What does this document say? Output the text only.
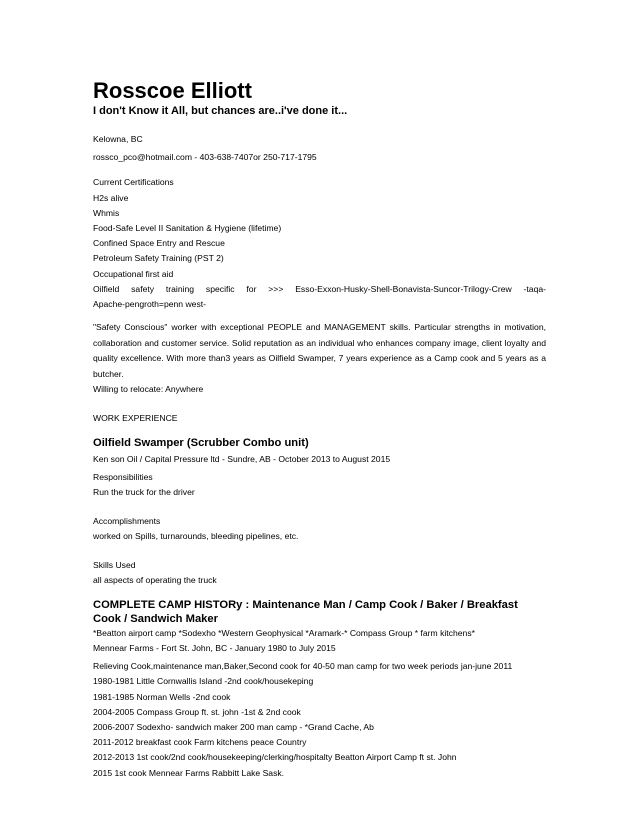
Rosscoe Elliott

I don't Know it All, but chances are..i've done it...

Kelowna, BC

rossco_pco@hotmail.com - 403-638-7407or 250-717-1795

Current Certifications

H2s alive

Whmis

Food-Safe Level II Sanitation & Hygiene (lifetime)

Confined Space Entry and Rescue

Petroleum Safety Training (PST 2)

Occupational first aid

Oilfield safety training specific for >>> Esso-Exxon-Husky-Shell-Bonavista-Suncor-Trilogy-Crew -taqa-

Apache-pengroth=penn west-

"Safety Conscious" worker with exceptional PEOPLE and MANAGEMENT skills. Particular strengths in motivation, collaboration and customer service. Solid reputation as an individual who enhances company image, client loyalty and quality excellence. With more than3 years as Oilfield Swamper, 7 years experience as a Camp cook and 5 years as a butcher.

Willing to relocate: Anywhere

WORK EXPERIENCE

Oilfield Swamper (Scrubber Combo unit)

Ken son Oil / Capital Pressure ltd - Sundre, AB - October 2013 to August 2015

Responsibilities

Run the truck for the driver

Accomplishments

worked on Spills, turnarounds, bleeding pipelines, etc.

Skills Used

all aspects of operating the truck

COMPLETE CAMP HISTORy : Maintenance Man / Camp Cook / Baker / Breakfast Cook / Sandwich Maker

*Beatton airport camp *Sodexho *Western Geophysical *Aramark-* Compass Group * farm kitchens*

Mennear Farms - Fort St. John, BC - January 1980 to July 2015

Relieving Cook,maintenance man,Baker,Second cook for 40-50 man camp for two week periods jan-june 2011

1980-1981 Little Cornwallis Island -2nd cook/housekeping

1981-1985 Norman Wells -2nd cook

2004-2005 Compass Group ft. st. john -1st & 2nd cook

2006-2007 Sodexho- sandwich maker 200 man camp - *Grand Cache, Ab

2011-2012 breakfast cook Farm kitchens peace Country

2012-2013 1st cook/2nd cook/housekeeping/clerking/hospitalty Beatton Airport Camp ft st. John

2015 1st cook Mennear Farms Rabbitt Lake Sask.
